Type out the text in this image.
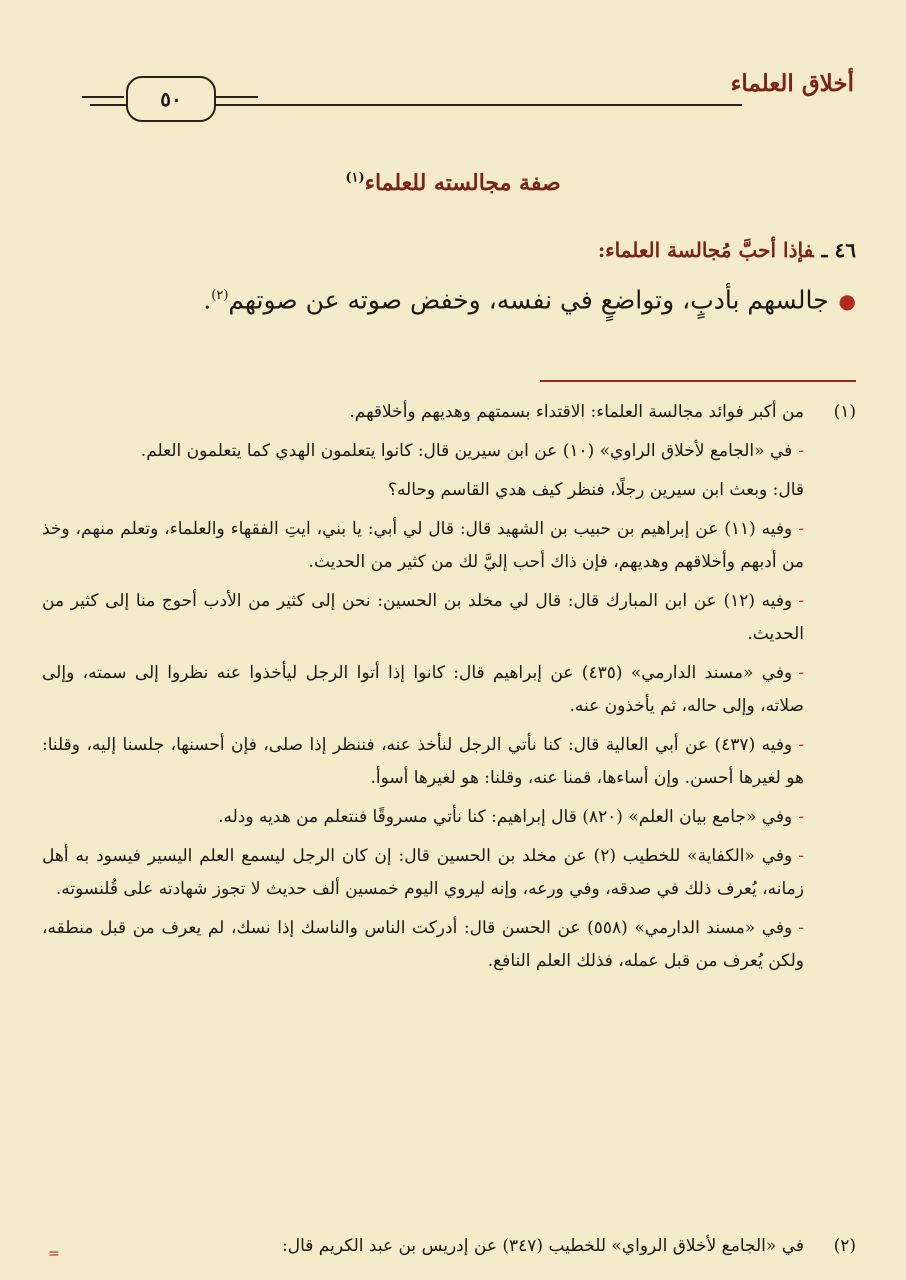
أخلاق العلماء
٥٠
صفة مجالسته للعلماء$^{(١)}$
٤٦ ـفإذا أحبَّ مُجالسة العلماء:
●جالسهم بأدبٍ، وتواضعٍ في نفسه، وخفض صوته عن صوتهم$^{(٢)}$.
(١)

من أكبر فوائد مجالسة العلماء: الاقتداء بسمتهم وهديهم وأخلاقهم.

-في «الجامع لأخلاق الراوي» (١٠) عن ابن سيرين قال: كانوا يتعلمون الهدي كما يتعلمون العلم.

قال: وبعث ابن سيرين رجلًا، فنظر كيف هدي القاسم وحاله؟

-وفيه (١١) عن إبراهيم بن حبيب بن الشهيد قال: قال لي أبي: يا بني، ايتِ الفقهاء والعلماء، وتعلم منهم، وخذ من أدبهم وأخلاقهم وهديهم، فإن ذاك أحب إليَّ لك من كثير من الحديث.

-وفيه (١٢) عن ابن المبارك قال: قال لي مخلد بن الحسين: نحن إلى كثير من الأدب أحوج منا إلى كثير من الحديث.

-وفي «مسند الدارمي» (٤٣٥) عن إبراهيم قال: كانوا إذا أتوا الرجل ليأخذوا عنه نظروا إلى سمته، وإلى صلاته، وإلى حاله، ثم يأخذون عنه.

-وفيه (٤٣٧) عن أبي العالية قال: كنا نأتي الرجل لنأخذ عنه، فننظر إذا صلى، فإن أحسنها، جلسنا إليه، وقلنا: هو لغيرها أحسن. وإن أساءها، قمنا عنه، وقلنا: هو لغيرها أسوأ.

-وفي «جامع بيان العلم» (٨٢٠) قال إبراهيم: كنا نأتي مسروقًا فنتعلم من هديه ودله.

-وفي «الكفاية» للخطيب (٢) عن مخلد بن الحسين قال: إن كان الرجل ليسمع العلم اليسير فيسود به أهل زمانه، يُعرف ذلك في صدقه، وفي ورعه، وإنه ليروي اليوم خمسين ألف حديث لا تجوز شهادته على قُلنسوته.

-وفي «مسند الدارمي» (٥٥٨) عن الحسن قال: أدركت الناس والناسك إذا نسك، لم يعرف من قبل منطقه، ولكن يُعرف من قبل عمله، فذلك العلم النافع.

(٢)

في «الجامع لأخلاق الرواي» للخطيب (٣٤٧) عن إدريس بن عبد الكريم قال:

=
